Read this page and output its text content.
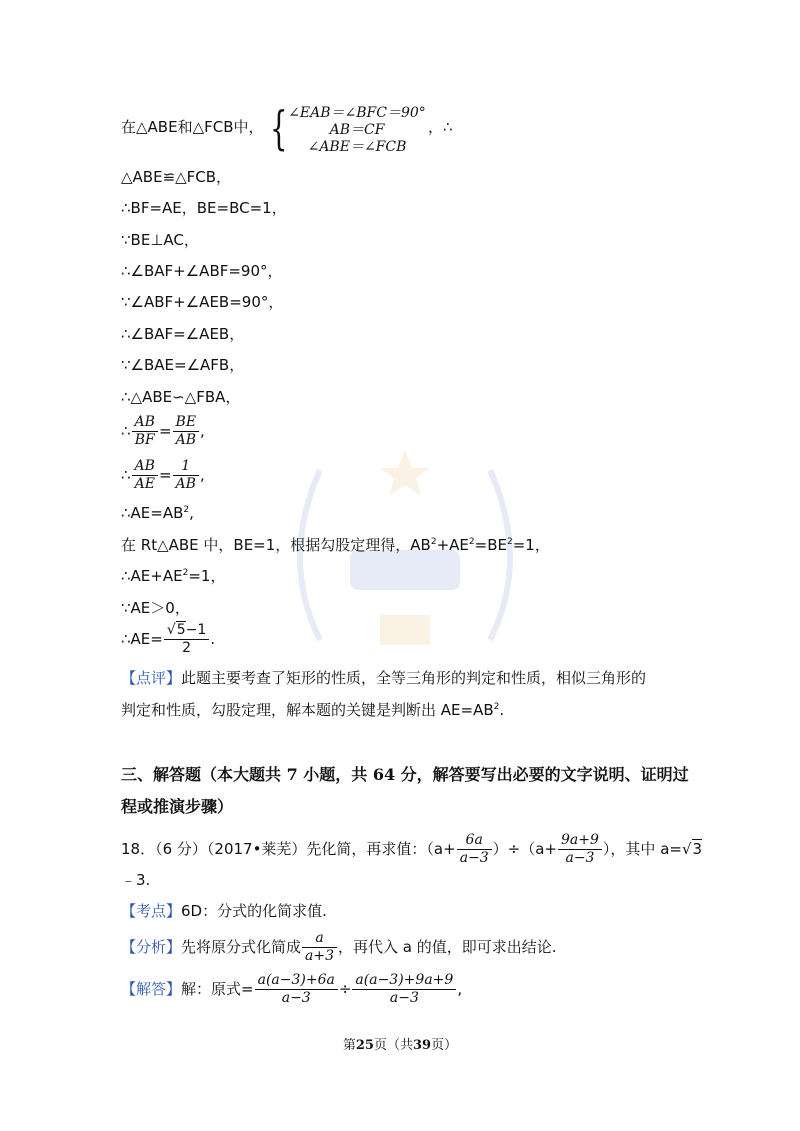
在△ABE和△FCB中， { ∠EAB＝∠BFC＝90°
AB＝CF
∠ABE＝∠FCB
，∴
△ABE≌△FCB，
∴BF=AE，BE=BC=1，
∵BE⊥AC，
∴∠BAF+∠ABF=90°，
∵∠ABF+∠AEB=90°，
∴∠BAF=∠AEB，
∵∠BAE=∠AFB，
∴△ABE∽△FBA，
∴ $\frac{AB}{BF} = \frac{BE}{AB}$ ,
∴ $\frac{AB}{AE} = \frac{1}{AB}$ ,
$\therefore AE=AB^2$,
在 Rt△ABE 中，BE=1，根据勾股定理得，$AB^2+AE^2=BE^2=1$，
$\therefore AE+AE^2=1$，
∵AE＞0，
∴AE= $\frac{√5-1}{2}$ .
【点评】此题主要考查了矩形的性质，全等三角形的判定和性质，相似三角形的
判定和性质，勾股定理，解本题的关键是判断出 $AE=AB^2$.
三、解答题（本大题共 7 小题，共 64 分，解答要写出必要的文字说明、证明过
程或推演步骤）
18．（6 分）（2017•莱芜）先化简，再求值：$(a+ \frac{6a}{a-3} )\div(a+ \frac{9a+9}{a-3}$ ），其中 a=√3
﹣3.
【考点】6D：分式的化简求值.
【分析】先将原分式化简成 $\frac{a}{a+3}$ ，再代入 a 的值，即可求出结论.
【解答】解：原式= $\frac{a(a-3)+6a}{a-3} \div \frac{a(a-3)+9a+9}{a-3}$ ,
第25页（共39页）
